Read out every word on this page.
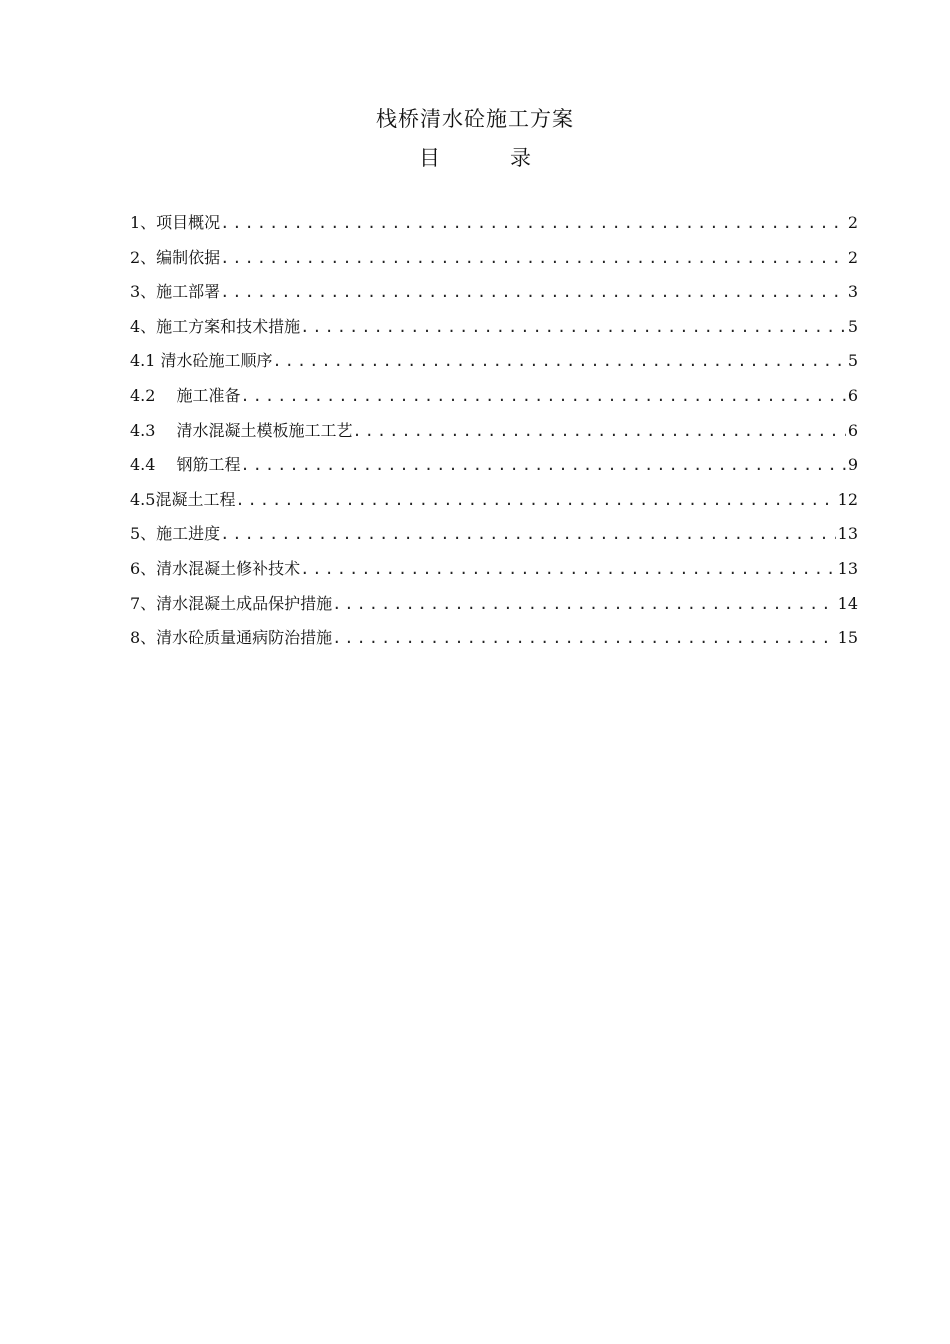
栈桥清水砼施工方案
目	录
1、项目概况 .....	2
2、编制依据 .....	2
3、施工部署 .....	3
4、施工方案和技术措施 .....	5
4.1 清水砼施工顺序 .....	5
4.2　 施工准备 .....	6
4.3　 清水混凝土模板施工工艺 .....	6
4.4　 钢筋工程 .....	9
4.5混凝土工程 .....	12
5、施工进度 .....	13
6、清水混凝土修补技术 .....	13
7、清水混凝土成品保护措施 .....	14
8、清水砼质量通病防治措施 .....	15
